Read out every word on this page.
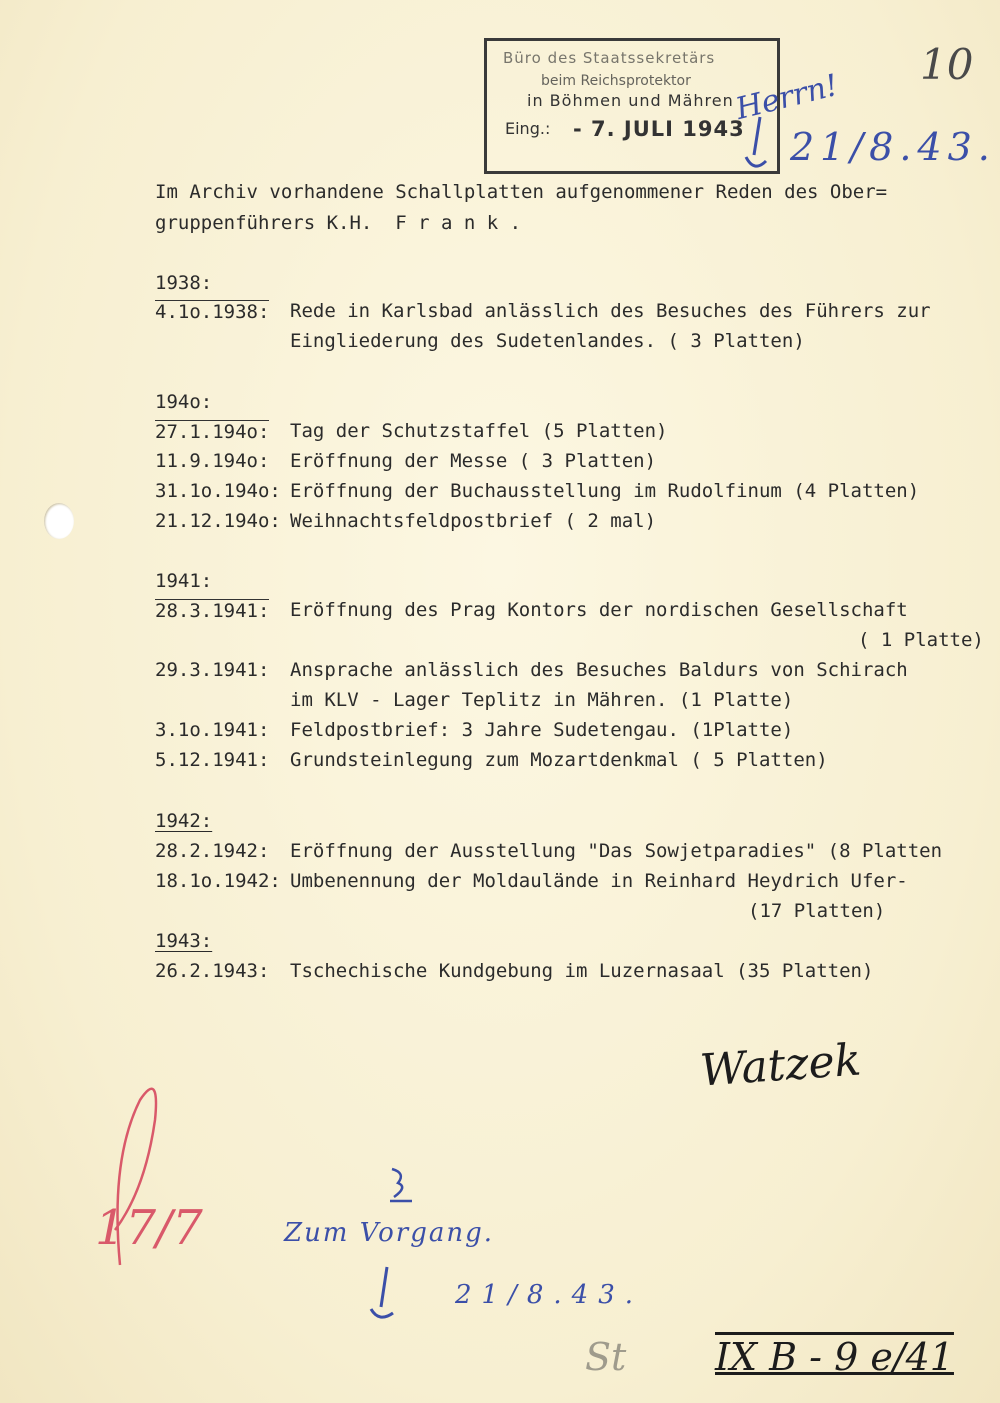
Büro des Staatssekretärs
beim Reichsprotektor
in Böhmen und Mähren
Eing.: - 7. JULI 1943
10
Herrn!
21/8.43.
Im Archiv vorhandene Schallplatten aufgenommener Reden des Ober=
gruppenführers K.H.  F r a n k .
1938:
4.1o.1938: Rede in Karlsbad anlässlich des Besuches des Führers zur
Eingliederung des Sudetenlandes. ( 3 Platten)
194o:
27.1.194o: Tag der Schutzstaffel (5 Platten)
11.9.194o: Eröffnung der Messe ( 3 Platten)
31.1o.194o: Eröffnung der Buchausstellung im Rudolfinum (4 Platten)
21.12.194o: Weihnachtsfeldpostbrief ( 2 mal)
1941:
28.3.1941: Eröffnung des Prag Kontors der nordischen Gesellschaft
( 1 Platte)
29.3.1941: Ansprache anlässlich des Besuches Baldurs von Schirach
im KLV - Lager Teplitz in Mähren. (1 Platte)
3.1o.1941: Feldpostbrief: 3 Jahre Sudetengau. (1Platte)
5.12.1941: Grundsteinlegung zum Mozartdenkmal ( 5 Platten)
1942:
28.2.1942: Eröffnung der Ausstellung "Das Sowjetparadies" (8 Platten
18.1o.1942: Umbenennung der Moldauländе in Reinhard Heydrich Ufer-
(17 Platten)
1943:
26.2.1943: Tschechische Kundgebung im Luzernasaal (35 Platten)
Watzek
17/7	Zum Vorgang.
21/8.43.
St IX B - 9 e/41
